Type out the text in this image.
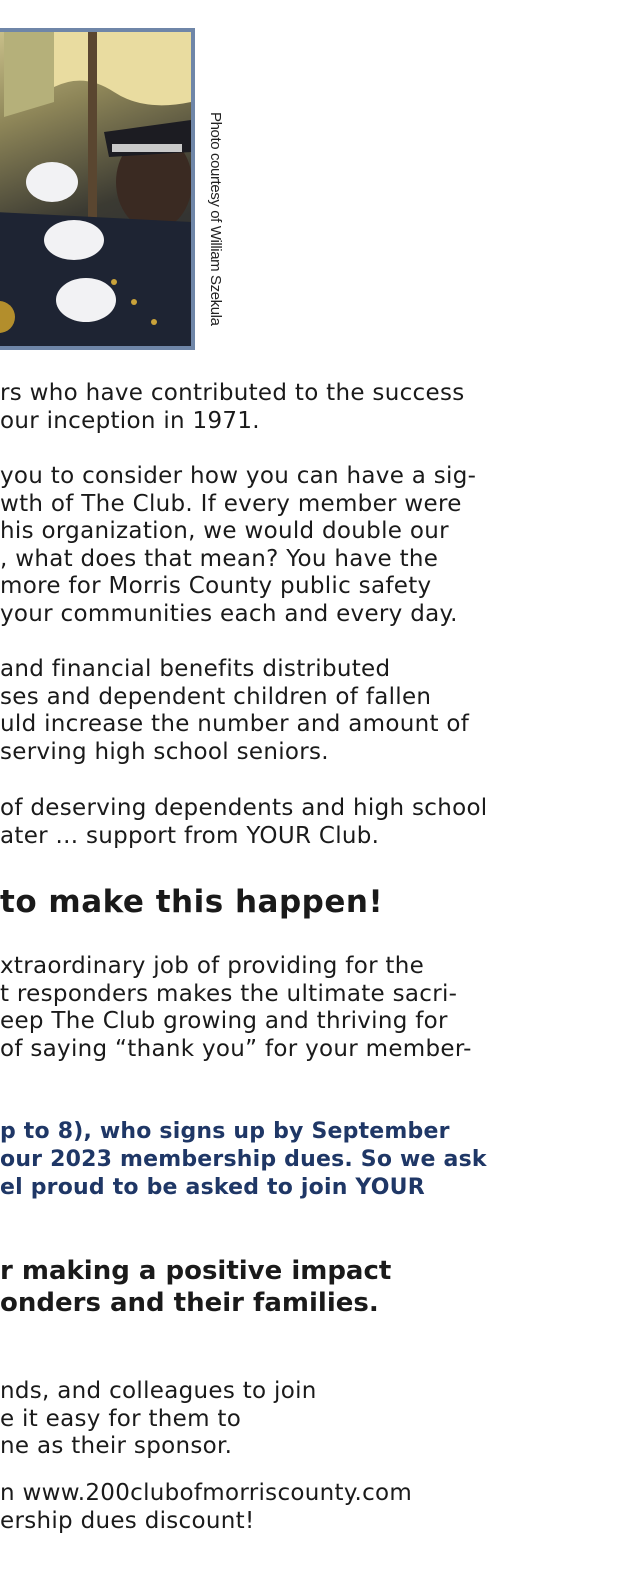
Photo courtesy of William Szekula
rs who have contributed to the success
our inception in 1971.
you to consider how you can have a sig-
wth of The Club. If every member were
his organization, we would double our
, what does that mean? You have the
more for Morris County public safety
your communities each and every day.
and financial benefits distributed
ses and dependent children of fallen
uld increase the number and amount of
serving high school seniors.
of deserving dependents and high school
ater ... support from YOUR Club.
to make this happen!
xtraordinary job of providing for the
t responders makes the ultimate sacri-
eep The Club growing and thriving for
of saying “thank you” for your member-
p to 8), who signs up by September
our 2023 membership dues. So we ask
el proud to be asked to join YOUR
r making a positive impact
onders and their families.
nds, and colleagues to join
e it easy for them to
ne as their sponsor.
n www.200clubofmorriscounty.com
ership dues discount!
